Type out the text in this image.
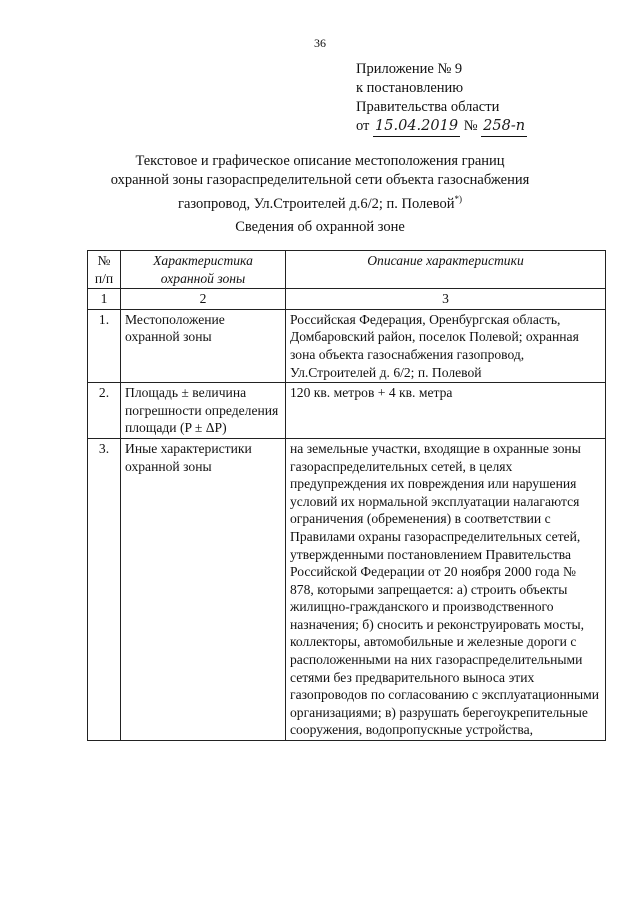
36
Приложение № 9
к постановлению
Правительства области
от 15.04.2019 № 258-п
Текстовое и графическое описание местоположения границ
охранной зоны газораспределительной сети объекта газоснабжения
газопровод, Ул.Строителей д.6/2; п. Полевой*)
Сведения об охранной зоне
№ п/п	Характеристика охранной зоны	Описание характеристики
1	2	3
1.	Местоположение охранной зоны	Российская Федерация, Оренбургская область, Домбаровский район, поселок Полевой; охранная зона объекта газоснабжения газопровод, Ул.Строителей д. 6/2; п. Полевой
2.	Площадь ± величина погрешности определения площади (P ± ΔP)	120 кв. метров + 4 кв. метра
3.	Иные характеристики охранной зоны	на земельные участки, входящие в охранные зоны газораспределительных сетей, в целях предупреждения их повреждения или нарушения условий их нормальной эксплуатации налагаются ограничения (обременения) в соответствии с Правилами охраны газораспределительных сетей, утвержденными постановлением Правительства Российской Федерации от 20 ноября 2000 года № 878, которыми запрещается: а) строить объекты жилищно-гражданского и производственного назначения; б) сносить и реконструировать мосты, коллекторы, автомобильные и железные дороги с расположенными на них газораспределительными сетями без предварительного выноса этих газопроводов по согласованию с эксплуатационными организациями; в) разрушать берегоукрепительные сооружения, водопропускные устройства,
